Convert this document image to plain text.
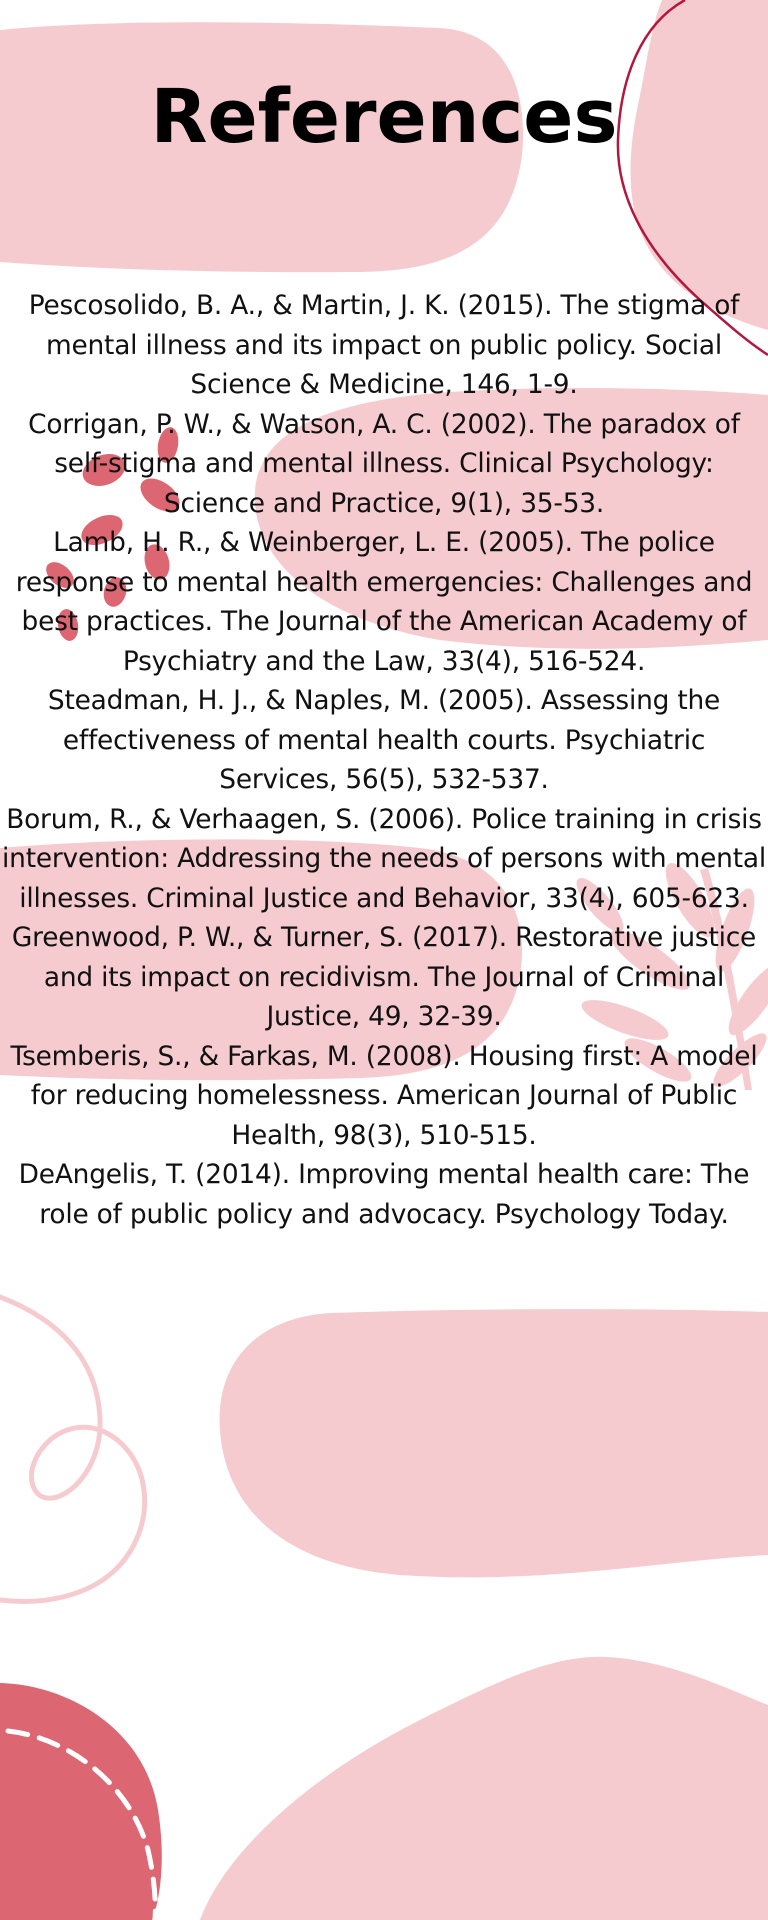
References
Pescosolido, B. A., & Martin, J. K. (2015). The stigma of mental illness and its impact on public policy. Social Science & Medicine, 146, 1-9.
Corrigan, P. W., & Watson, A. C. (2002). The paradox of self-stigma and mental illness. Clinical Psychology: Science and Practice, 9(1), 35-53.
Lamb, H. R., & Weinberger, L. E. (2005). The police response to mental health emergencies: Challenges and best practices. The Journal of the American Academy of Psychiatry and the Law, 33(4), 516-524.
Steadman, H. J., & Naples, M. (2005). Assessing the effectiveness of mental health courts. Psychiatric Services, 56(5), 532-537.
Borum, R., & Verhaagen, S. (2006). Police training in crisis intervention: Addressing the needs of persons with mental illnesses. Criminal Justice and Behavior, 33(4), 605-623.
Greenwood, P. W., & Turner, S. (2017). Restorative justice and its impact on recidivism. The Journal of Criminal Justice, 49, 32-39.
Tsemberis, S., & Farkas, M. (2008). Housing first: A model for reducing homelessness. American Journal of Public Health, 98(3), 510-515.
DeAngelis, T. (2014). Improving mental health care: The role of public policy and advocacy. Psychology Today.
